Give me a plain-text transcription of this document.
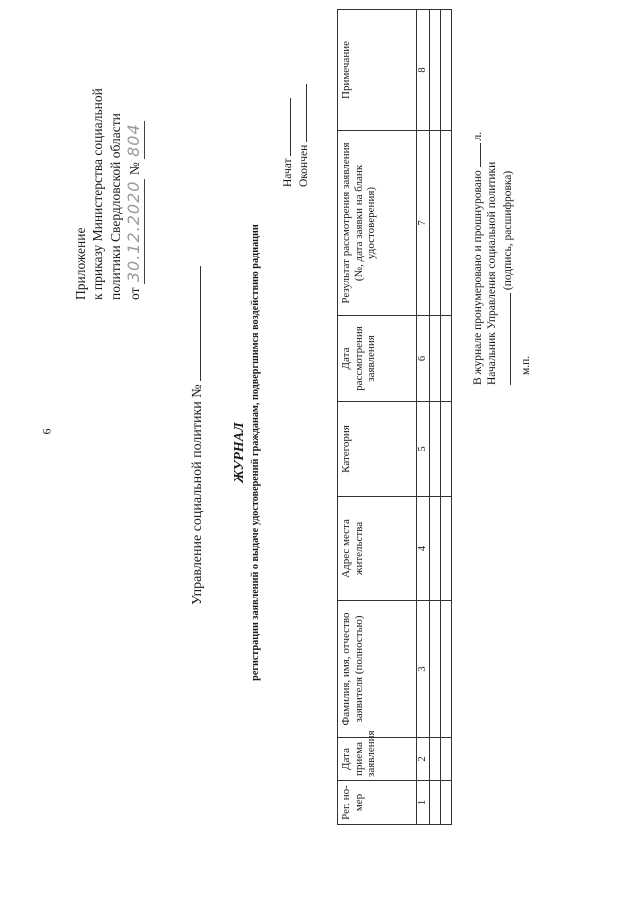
6
Приложение к приказу Министерства социальной политики Свердловской области от 30.12.2020 № 804
Управление социальной политики № ЖУРНАЛ регистрации заявлений о выдаче удостоверений гражданам, подвергшимся воздействию радиации
Начат Окончен
Рег. но-мер	Дата приема заявления	Фамилия, имя, отчество заявителя (полностью)	Адрес места жительства	Категория	Дата рассмотрения заявления	Результат рассмотрения заявления (№, дата заявки на бланк удостоверения)	Примечание
1	2	3	4	5	6	7	8

В журнале пронумеровано и прошнуровано  л.
Начальник Управления социальной политики (подпись, расшифровка)
м.п.
